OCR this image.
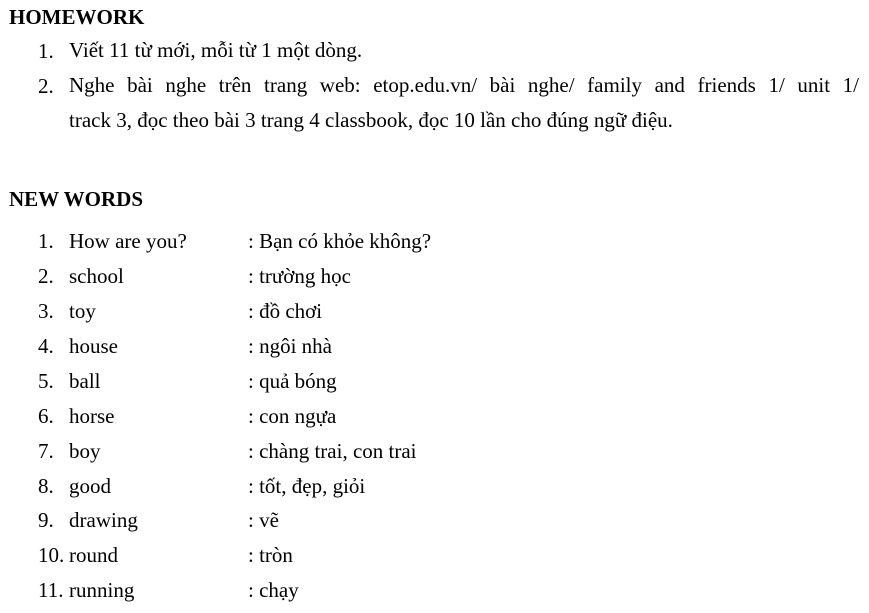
HOMEWORK
1. Viết 11 từ mới, mỗi từ 1 một dòng.
2. Nghe bài nghe trên trang web: etop.edu.vn/ bài nghe/ family and friends 1/ unit 1/
track 3, đọc theo bài 3 trang 4 classbook, đọc 10 lần cho đúng ngữ điệu.
NEW WORDS
1. How are you?	: Bạn có khỏe không?
2. school	: trường học
3. toy	: đồ chơi
4. house	: ngôi nhà
5. ball	: quả bóng
6. horse	: con ngựa
7. boy	: chàng trai, con trai
8. good	: tốt, đẹp, giỏi
9. drawing	: vẽ
10. round	: tròn
11. running	: chạy
